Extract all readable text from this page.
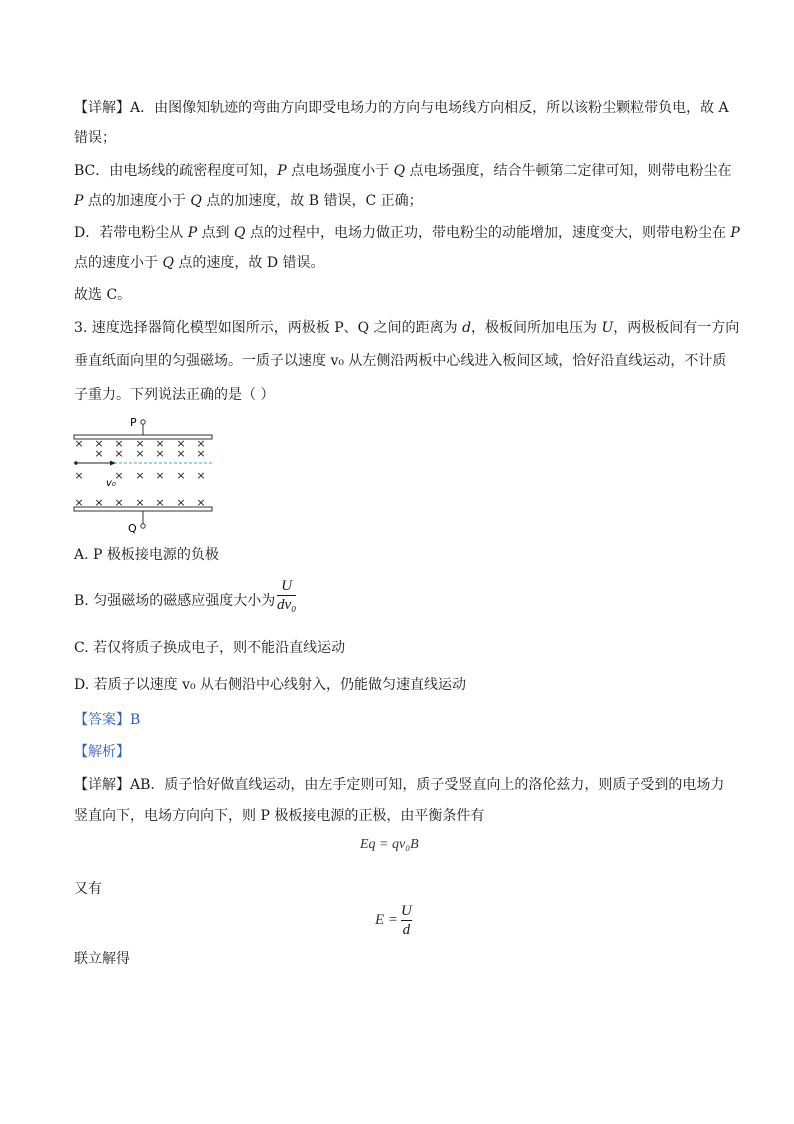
【详解】A．由图像知轨迹的弯曲方向即受电场力的方向与电场线方向相反，所以该粉尘颗粒带负电，故 A
错误；
BC．由电场线的疏密程度可知，P 点电场强度小于 Q 点电场强度，结合牛顿第二定律可知，则带电粉尘在
P 点的加速度小于 Q 点的加速度，故 B 错误，C 正确；
D．若带电粉尘从 P 点到 Q 点的过程中，电场力做正功，带电粉尘的动能增加，速度变大，则带电粉尘在 P
点的速度小于 Q 点的速度，故 D 错误。
故选 C。
3. 速度选择器简化模型如图所示，两极板 P、Q 之间的距离为 d，极板间所加电压为 U，两极板间有一方向
垂直纸面向里的匀强磁场。一质子以速度 v₀ 从左侧沿两板中心线进入板间区域，恰好沿直线运动，不计质
子重力。下列说法正确的是（ ）
P
Q
× × × × × × ×
× × × × × ×
×	× × × × ×
× × × × × × ×
v₀
A. P 极板接电源的负极
B. 匀强磁场的磁感应强度大小为
U
dv₀
C. 若仅将质子换成电子，则不能沿直线运动
D. 若质子以速度 v₀ 从右侧沿中心线射入，仍能做匀速直线运动
【答案】B
【解析】
【详解】AB．质子恰好做直线运动，由左手定则可知，质子受竖直向上的洛伦兹力，则质子受到的电场力
竖直向下，电场方向向下，则 P 极板接电源的正极，由平衡条件有
Eq = qv₀B
又有
E =
U
d
联立解得
